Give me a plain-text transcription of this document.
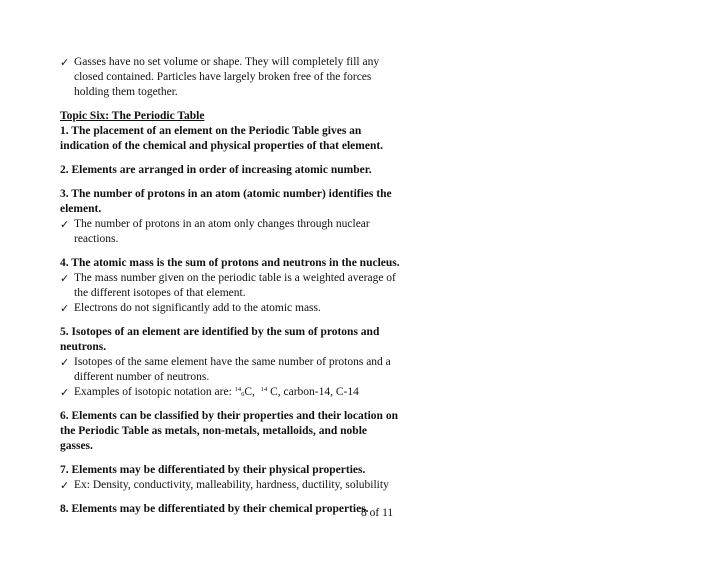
✓ Gasses have no set volume or shape. They will completely fill any closed contained. Particles have largely broken free of the forces holding them together.
Topic Six: The Periodic Table
1. The placement of an element on the Periodic Table gives an indication of the chemical and physical properties of that element.
2. Elements are arranged in order of increasing atomic number.
3. The number of protons in an atom (atomic number) identifies the element.
✓ The number of protons in an atom only changes through nuclear reactions.
4. The atomic mass is the sum of protons and neutrons in the nucleus.
✓ The mass number given on the periodic table is a weighted average of the different isotopes of that element.
✓ Electrons do not significantly add to the atomic mass.
5. Isotopes of an element are identified by the sum of protons and neutrons.
✓ Isotopes of the same element have the same number of protons and a different number of neutrons.
✓ Examples of isotopic notation are: $^{14}_6$C, $^{14}$ C, carbon-14, C-14
6. Elements can be classified by their properties and their location on the Periodic Table as metals, non-metals, metalloids, and noble gasses.
7. Elements may be differentiated by their physical properties.
✓ Ex: Density, conductivity, malleability, hardness, ductility, solubility
8. Elements may be differentiated by their chemical properties.
8 of 11
